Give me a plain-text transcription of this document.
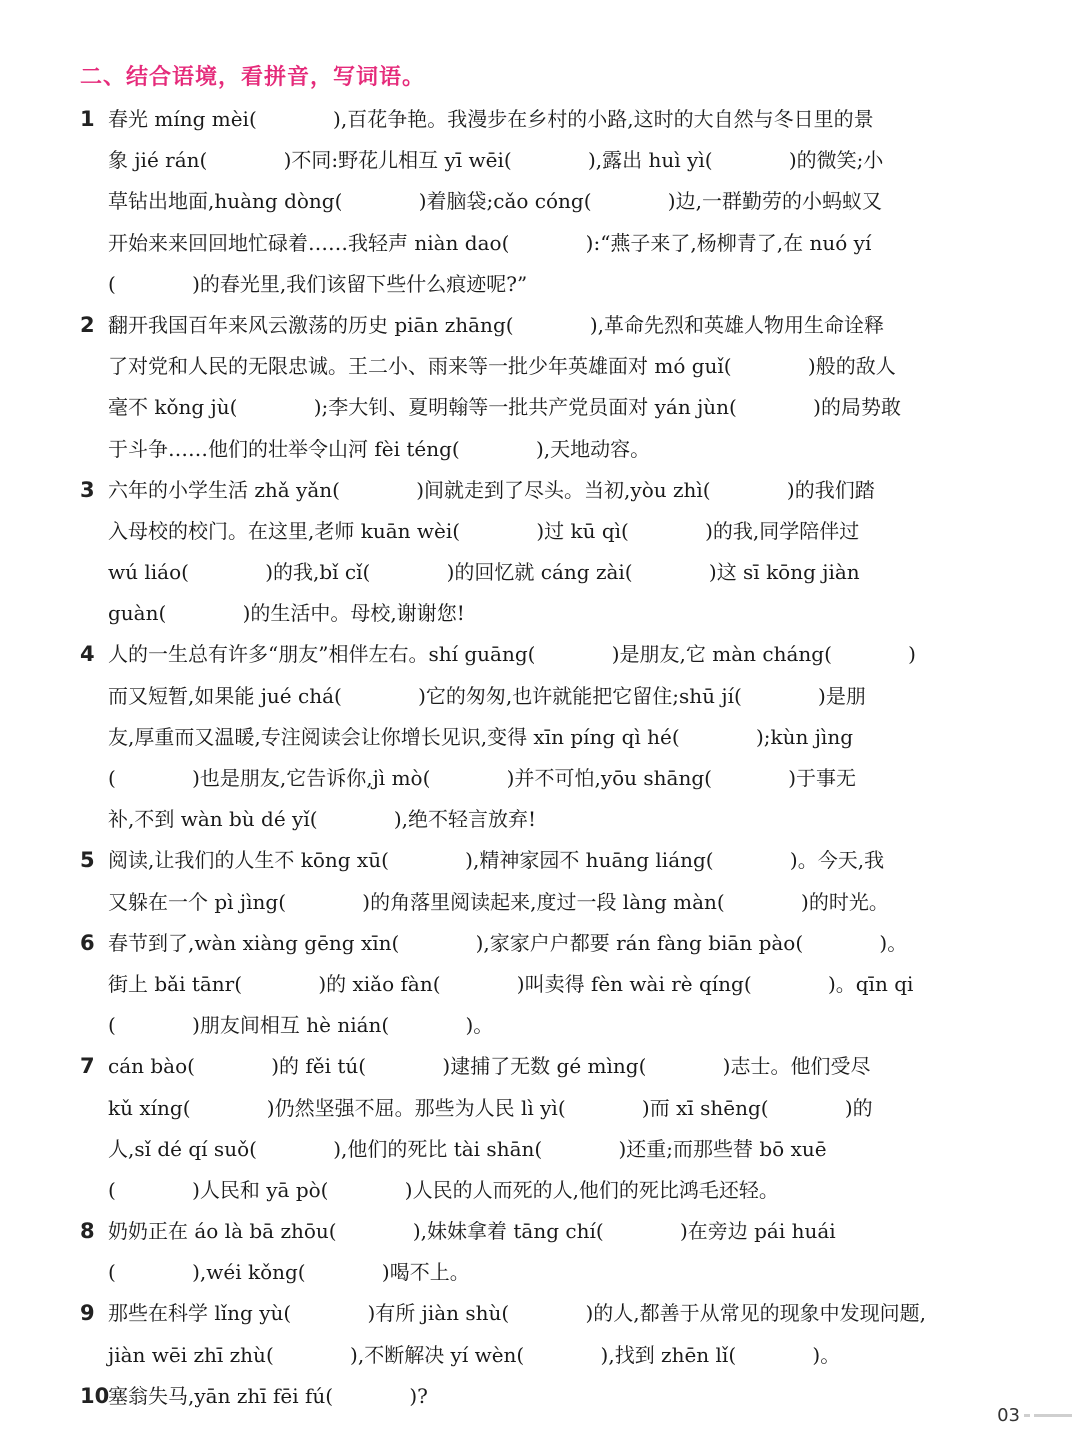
二、结合语境，看拼音，写词语。
1 春光 míng mèi(            ),百花争艳。我漫步在乡村的小路,这时的大自然与冬日里的景
象 jié rán(            )不同:野花儿相互 yī wēi(            ),露出 huì yì(            )的微笑;小
草钻出地面,huàng dòng(            )着脑袋;cǎo cóng(            )边,一群勤劳的小蚂蚁又
开始来来回回地忙碌着……我轻声 niàn dao(            ):“燕子来了,杨柳青了,在 nuó yí
(            )的春光里,我们该留下些什么痕迹呢?”
2 翻开我国百年来风云激荡的历史 piān zhāng(            ),革命先烈和英雄人物用生命诠释
了对党和人民的无限忠诚。王二小、雨来等一批少年英雄面对 mó guǐ(            )般的敌人
毫不 kǒng jù(            );李大钊、夏明翰等一批共产党员面对 yán jùn(            )的局势敢
于斗争……他们的壮举令山河 fèi téng(            ),天地动容。
3 六年的小学生活 zhǎ yǎn(            )间就走到了尽头。当初,yòu zhì(            )的我们踏
入母校的校门。在这里,老师 kuān wèi(            )过 kū qì(            )的我,同学陪伴过
wú liáo(            )的我,bǐ cǐ(            )的回忆就 cáng zài(            )这 sī kōng jiàn
guàn(            )的生活中。母校,谢谢您!
4 人的一生总有许多“朋友”相伴左右。shí guāng(            )是朋友,它 màn cháng(            )
而又短暂,如果能 jué chá(            )它的匆匆,也许就能把它留住;shū jí(            )是朋
友,厚重而又温暖,专注阅读会让你增长见识,变得 xīn píng qì hé(            );kùn jìng
(            )也是朋友,它告诉你,jì mò(            )并不可怕,yōu shāng(            )于事无
补,不到 wàn bù dé yǐ(            ),绝不轻言放弃!
5 阅读,让我们的人生不 kōng xū(            ),精神家园不 huāng liáng(            )。今天,我
又躲在一个 pì jìng(            )的角落里阅读起来,度过一段 làng màn(            )的时光。
6 春节到了,wàn xiàng gēng xīn(            ),家家户户都要 rán fàng biān pào(            )。
街上 bǎi tānr(            )的 xiǎo fàn(            )叫卖得 fèn wài rè qíng(            )。qīn qi
(            )朋友间相互 hè nián(            )。
7 cán bào(            )的 fěi tú(            )逮捕了无数 gé mìng(            )志士。他们受尽
kǔ xíng(            )仍然坚强不屈。那些为人民 lì yì(            )而 xī shēng(            )的
人,sǐ dé qí suǒ(            ),他们的死比 tài shān(            )还重;而那些替 bō xuē
(            )人民和 yā pò(            )人民的人而死的人,他们的死比鸿毛还轻。
8 奶奶正在 áo là bā zhōu(            ),妹妹拿着 tāng chí(            )在旁边 pái huái
(            ),wéi kǒng(            )喝不上。
9 那些在科学 lǐng yù(            )有所 jiàn shù(            )的人,都善于从常见的现象中发现问题,
jiàn wēi zhī zhù(            ),不断解决 yí wèn(            ),找到 zhēn lǐ(            )。
10
塞翁失马,yān zhī fēi fú(            )?
03
